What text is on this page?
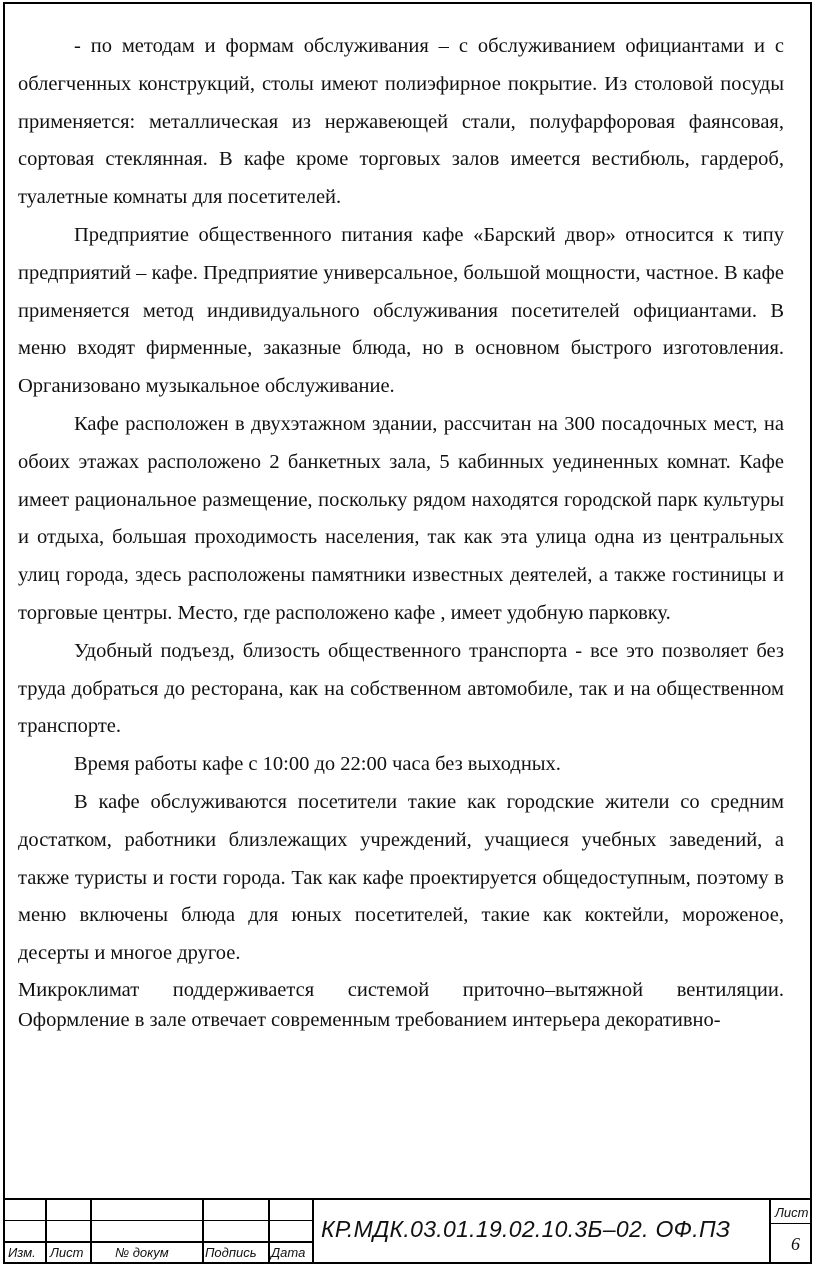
- по методам и формам обслуживания – с обслуживанием официантами и с облегченных конструкций, столы имеют полиэфирное покрытие. Из столовой посуды применяется: металлическая из нержавеющей стали, полуфарфоровая фаянсовая, сортовая стеклянная. В кафе кроме торговых залов имеется вестибюль, гардероб, туалетные комнаты для посетителей.

Предприятие общественного питания кафе «Барский двор» относится к типу предприятий – кафе. Предприятие универсальное, большой мощности, частное. В кафе применяется метод индивидуального обслуживания посетителей официантами. В меню входят фирменные, заказные блюда, но в основном быстрого изготовления. Организовано музыкальное обслуживание.

Кафе расположен в двухэтажном здании, рассчитан на 300 посадочных мест, на обоих этажах расположено 2 банкетных зала, 5 кабинных уединенных комнат. Кафе имеет рациональное размещение, поскольку рядом находятся городской парк культуры и отдыха, большая проходимость населения, так как эта улица одна из центральных улиц города, здесь расположены памятники известных деятелей, а также гостиницы и торговые центры. Место, где расположено кафе , имеет удобную парковку.

Удобный подъезд, близость общественного транспорта - все это позволяет без труда добраться до ресторана, как на собственном автомобиле, так и на общественном транспорте.

Время работы кафе с 10:00 до 22:00 часа без выходных.

В кафе обслуживаются посетители такие как городские жители со средним достатком, работники близлежащих учреждений, учащиеся учебных заведений, а также туристы и гости города. Так как кафе проектируется общедоступным, поэтому в меню включены блюда для юных посетителей, такие как коктейли, мороженое, десерты и многое другое.

Микроклимат поддерживается системой приточно–вытяжной вентиляции. Оформление в зале отвечает современным требованием интерьера декоративно-

Изм. Лист № докум	Подпись Дата
КР.МДК.03.01.19.02.10.3Б–02. ОФ.ПЗ
Лист
6
